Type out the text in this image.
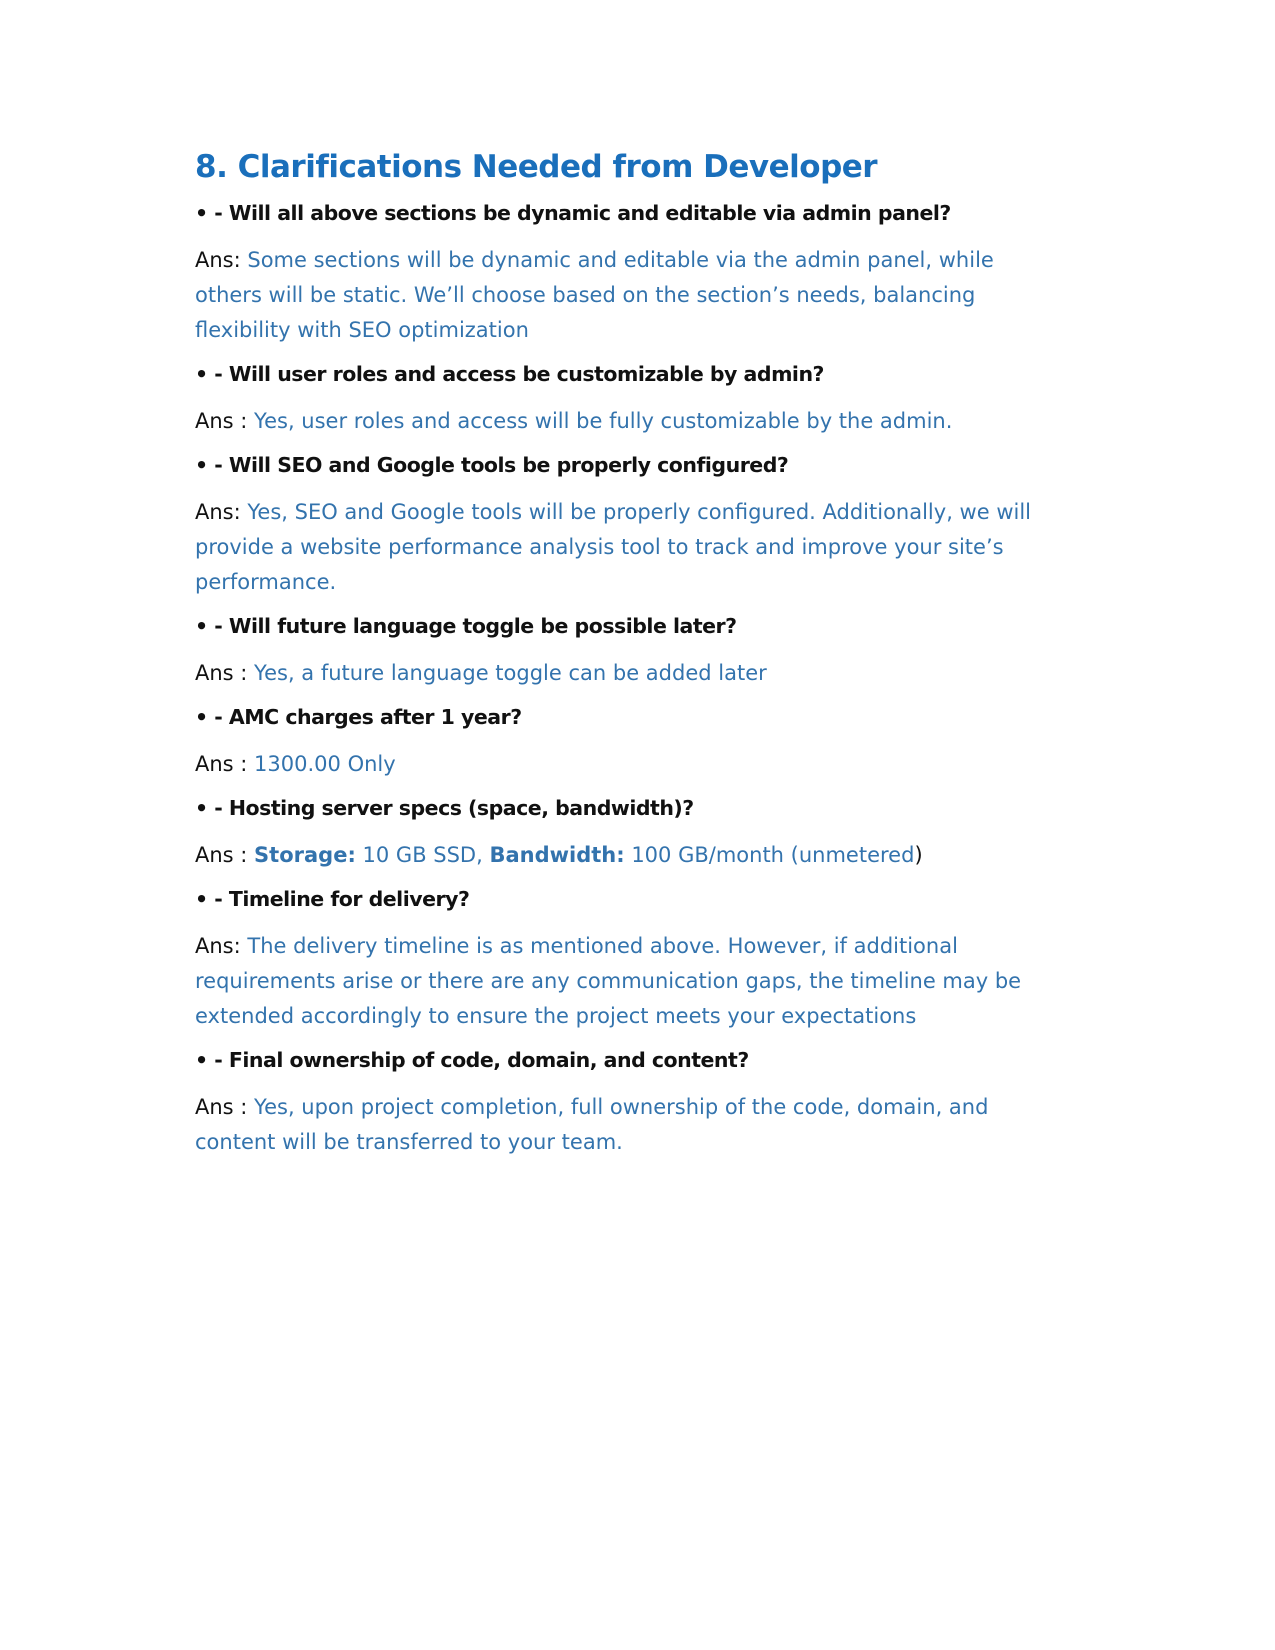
8. Clarifications Needed from Developer

• - Will all above sections be dynamic and editable via admin panel?

Ans: Some sections will be dynamic and editable via the admin panel, while others will be static. We’ll choose based on the section’s needs, balancing flexibility with SEO optimization

• - Will user roles and access be customizable by admin?

Ans : Yes, user roles and access will be fully customizable by the admin.

• - Will SEO and Google tools be properly configured?

Ans: Yes, SEO and Google tools will be properly configured. Additionally, we will provide a website performance analysis tool to track and improve your site’s performance.

• - Will future language toggle be possible later?

Ans : Yes, a future language toggle can be added later

• - AMC charges after 1 year?

Ans : 1300.00 Only

• - Hosting server specs (space, bandwidth)?

Ans : Storage: 10 GB SSD, Bandwidth: 100 GB/month (unmetered)

• - Timeline for delivery?

Ans: The delivery timeline is as mentioned above. However, if additional requirements arise or there are any communication gaps, the timeline may be extended accordingly to ensure the project meets your expectations

• - Final ownership of code, domain, and content?

Ans : Yes, upon project completion, full ownership of the code, domain, and content will be transferred to your team.
